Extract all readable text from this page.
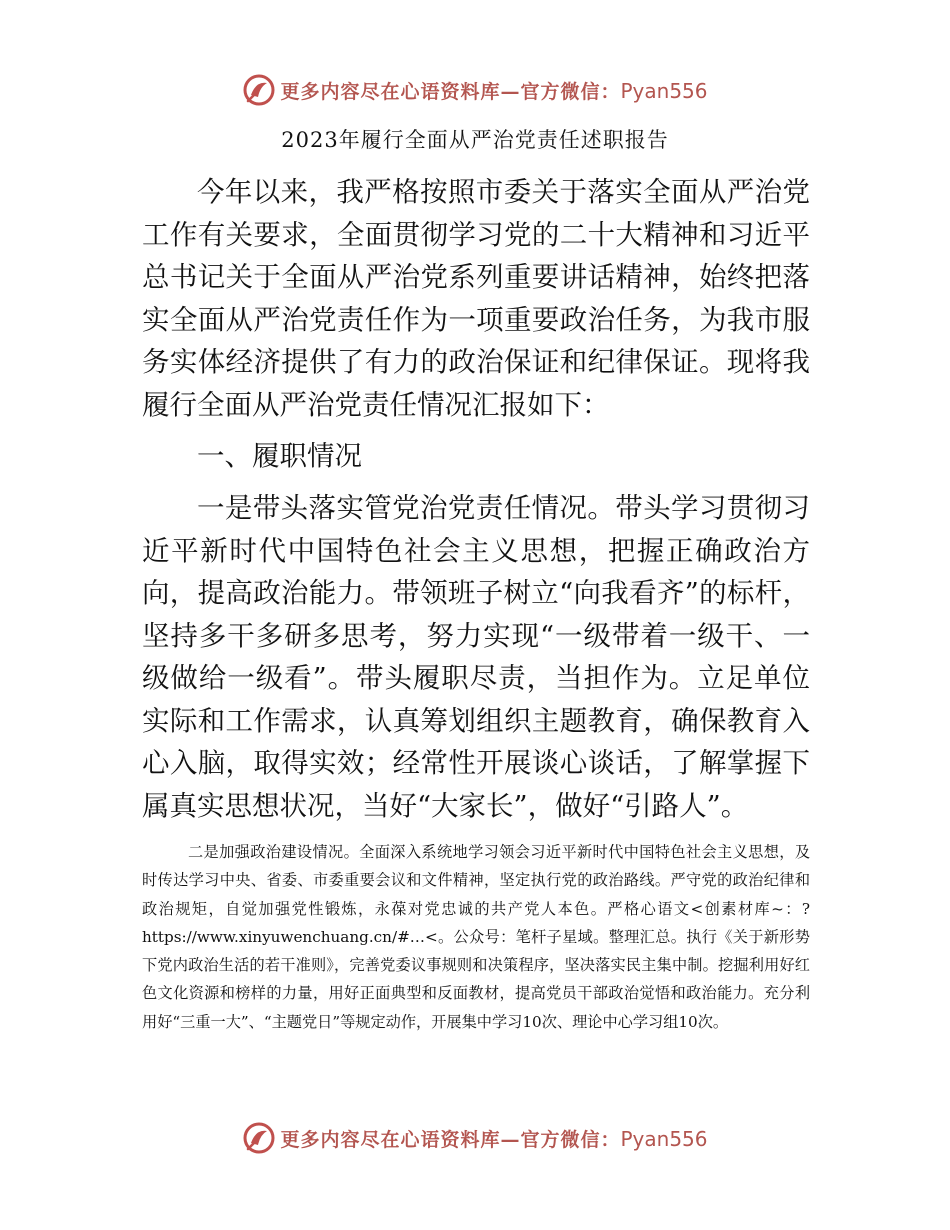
更多内容尽在心语资料库—官方微信：Pyan556
2023年履行全面从严治党责任述职报告

今年以来，我严格按照市委关于落实全面从严治党工作有关要求，全面贯彻学习党的二十大精神和习近平总书记关于全面从严治党系列重要讲话精神，始终把落实全面从严治党责任作为一项重要政治任务，为我市服务实体经济提供了有力的政治保证和纪律保证。现将我履行全面从严治党责任情况汇报如下：

一、履职情况

一是带头落实管党治党责任情况。带头学习贯彻习近平新时代中国特色社会主义思想，把握正确政治方向，提高政治能力。带领班子树立“向我看齐”的标杆，坚持多干多研多思考，努力实现“一级带着一级干、一级做给一级看”。带头履职尽责，当担作为。立足单位实际和工作需求，认真筹划组织主题教育，确保教育入心入脑，取得实效；经常性开展谈心谈话，了解掌握下属真实思想状况，当好“大家长”，做好“引路人”。

二是加强政治建设情况。全面深入系统地学习领会习近平新时代中国特色社会主义思想，及时传达学习中央、省委、市委重要会议和文件精神，坚定执行党的政治路线。严守党的政治纪律和政治规矩，自觉加强党性锻炼，永葆对党忠诚的共产党人本色。严格心语文<创素材库~：?https://www.xinyuwenchuang.cn/#…<。公众号：笔杆子星域。整理汇总。执行《关于新形势下党内政治生活的若干准则》，完善党委议事规则和决策程序，坚决落实民主集中制。挖掘利用好红色文化资源和榜样的力量，用好正面典型和反面教材，提高党员干部政治觉悟和政治能力。充分利用好“三重一大”、“主题党日”等规定动作，开展集中学习10次、理论中心学习组10次。

更多内容尽在心语资料库—官方微信：Pyan556
